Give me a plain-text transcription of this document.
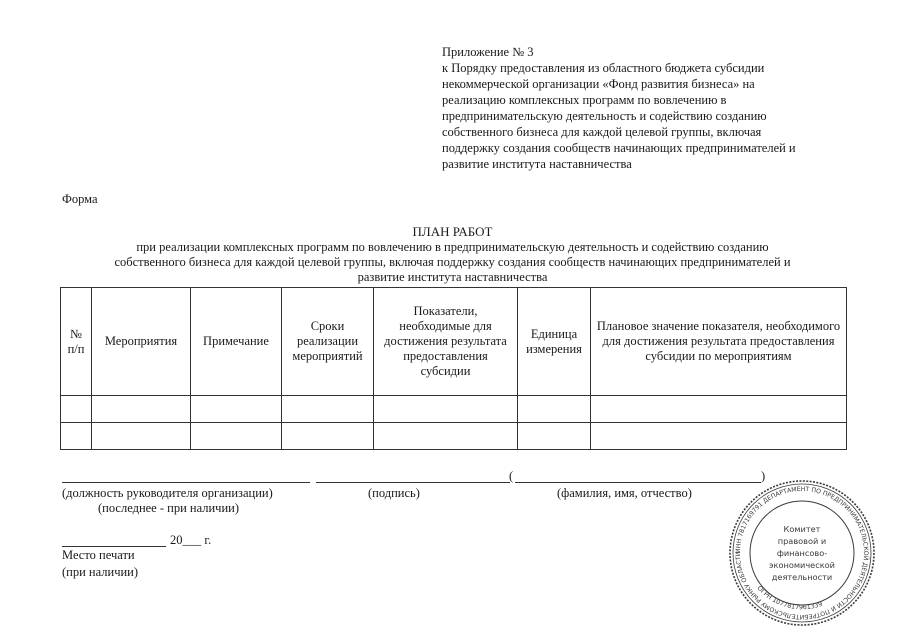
Приложение № 3
к Порядку предоставления из областного бюджета субсидии
некоммерческой организации «Фонд развития бизнеса» на
реализацию комплексных программ по вовлечению в
предпринимательскую деятельность и содействию созданию
собственного бизнеса для каждой целевой группы, включая
поддержку создания сообществ начинающих предпринимателей и
развитие института наставничества
Форма
ПЛАН РАБОТ
при реализации комплексных программ по вовлечению в предпринимательскую деятельность и содействию созданию
собственного бизнеса для каждой целевой группы, включая поддержку создания сообществ начинающих предпринимателей и
развитие института наставничества
№ п/п	Мероприятия	Примечание	Сроки реализации мероприятий	Показатели, необходимые для достижения результата предоставления субсидии	Единица измерения	Плановое значение показателя, необходимого для достижения результата предоставления субсидии по мероприятиям

(	)
(должность руководителя организации)
(последнее - при наличии)
(подпись)	(фамилия, имя, отчество)
20___ г.
Место печати
(при наличии)
ИНН 7817169791 ДЕПАРТАМЕНТ ПО ПРЕДПРИНИМАТЕЛЬСКОЙ ДЕЯТЕЛЬНОСТИ И ПОТРЕБИТЕЛЬСКОМУ РЫНКУ ОБЛАСТИ
ОГРН 1077817961339
Комитет
правовой и
финансово-
экономической
деятельности
